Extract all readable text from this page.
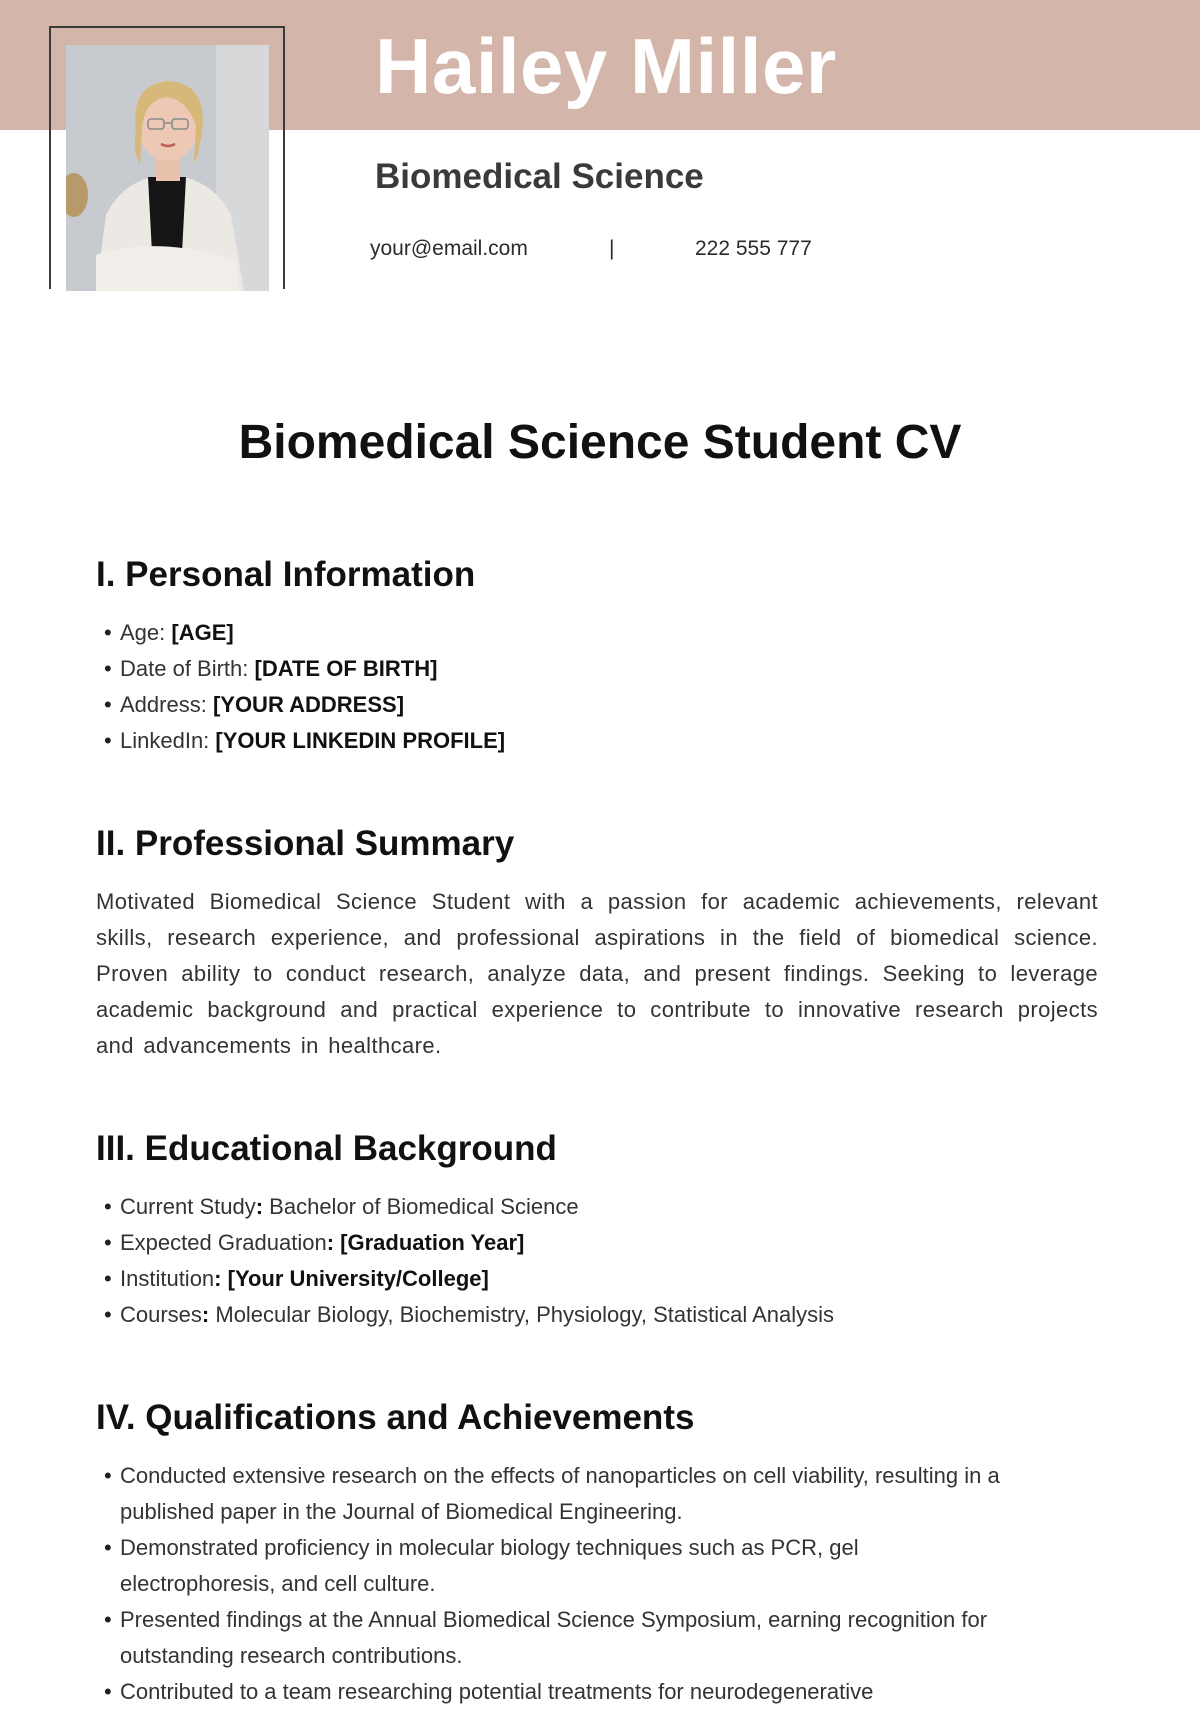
Hailey Miller
Biomedical Science
your@email.com	|	222 555 777
Biomedical Science Student CV
I. Personal Information
• Age: [AGE]
• Date of Birth: [DATE OF BIRTH]
• Address: [YOUR ADDRESS]
• LinkedIn: [YOUR LINKEDIN PROFILE]
II. Professional Summary

Motivated Biomedical Science Student with a passion for academic achievements, relevant skills, research experience, and professional aspirations in the field of biomedical science. Proven ability to conduct research, analyze data, and present findings. Seeking to leverage academic background and practical experience to contribute to innovative research projects and advancements in healthcare.

III. Educational Background
• Current Study: Bachelor of Biomedical Science
• Expected Graduation: [Graduation Year]
• Institution: [Your University/College]
• Courses: Molecular Biology, Biochemistry, Physiology, Statistical Analysis
IV. Qualifications and Achievements
• Conducted extensive research on the effects of nanoparticles on cell viability, resulting in a published paper in the Journal of Biomedical Engineering.
• Demonstrated proficiency in molecular biology techniques such as PCR, gel electrophoresis, and cell culture.
• Presented findings at the Annual Biomedical Science Symposium, earning recognition for outstanding research contributions.
• Contributed to a team researching potential treatments for neurodegenerative
